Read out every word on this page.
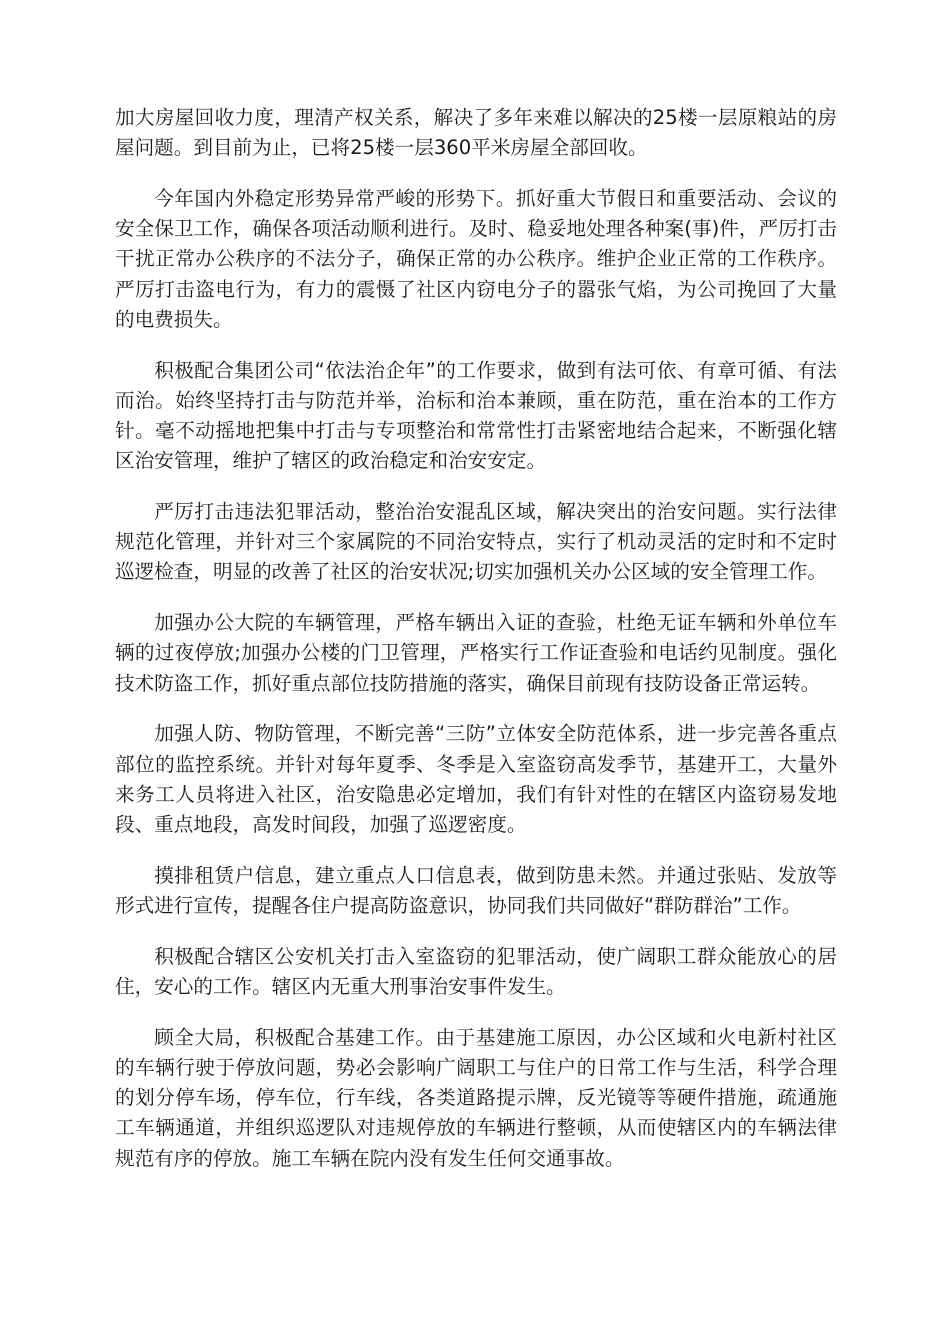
加大房屋回收力度，理清产权关系，解决了多年来难以解决的25楼一层原粮站的房屋问题。到目前为止，已将25楼一层360平米房屋全部回收。

今年国内外稳定形势异常严峻的形势下。抓好重大节假日和重要活动、会议的安全保卫工作，确保各项活动顺利进行。及时、稳妥地处理各种案(事)件，严厉打击干扰正常办公秩序的不法分子，确保正常的办公秩序。维护企业正常的工作秩序。严厉打击盗电行为，有力的震慑了社区内窃电分子的嚣张气焰，为公司挽回了大量的电费损失。

积极配合集团公司“依法治企年”的工作要求，做到有法可依、有章可循、有法而治。始终坚持打击与防范并举，治标和治本兼顾，重在防范，重在治本的工作方针。毫不动摇地把集中打击与专项整治和常常性打击紧密地结合起来，不断强化辖区治安管理，维护了辖区的政治稳定和治安安定。

严厉打击违法犯罪活动，整治治安混乱区域，解决突出的治安问题。实行法律规范化管理，并针对三个家属院的不同治安特点，实行了机动灵活的定时和不定时巡逻检查，明显的改善了社区的治安状况;切实加强机关办公区域的安全管理工作。

加强办公大院的车辆管理，严格车辆出入证的查验，杜绝无证车辆和外单位车辆的过夜停放;加强办公楼的门卫管理，严格实行工作证查验和电话约见制度。强化技术防盗工作，抓好重点部位技防措施的落实，确保目前现有技防设备正常运转。

加强人防、物防管理，不断完善“三防”立体安全防范体系，进一步完善各重点部位的监控系统。并针对每年夏季、冬季是入室盗窃高发季节，基建开工，大量外来务工人员将进入社区，治安隐患必定增加，我们有针对性的在辖区内盗窃易发地段、重点地段，高发时间段，加强了巡逻密度。

摸排租赁户信息，建立重点人口信息表，做到防患未然。并通过张贴、发放等形式进行宣传，提醒各住户提高防盗意识，协同我们共同做好“群防群治”工作。

积极配合辖区公安机关打击入室盗窃的犯罪活动，使广阔职工群众能放心的居住，安心的工作。辖区内无重大刑事治安事件发生。

顾全大局，积极配合基建工作。由于基建施工原因，办公区域和火电新村社区的车辆行驶于停放问题，势必会影响广阔职工与住户的日常工作与生活，科学合理的划分停车场，停车位，行车线，各类道路提示牌，反光镜等等硬件措施，疏通施工车辆通道，并组织巡逻队对违规停放的车辆进行整顿，从而使辖区内的车辆法律规范有序的停放。施工车辆在院内没有发生任何交通事故。
